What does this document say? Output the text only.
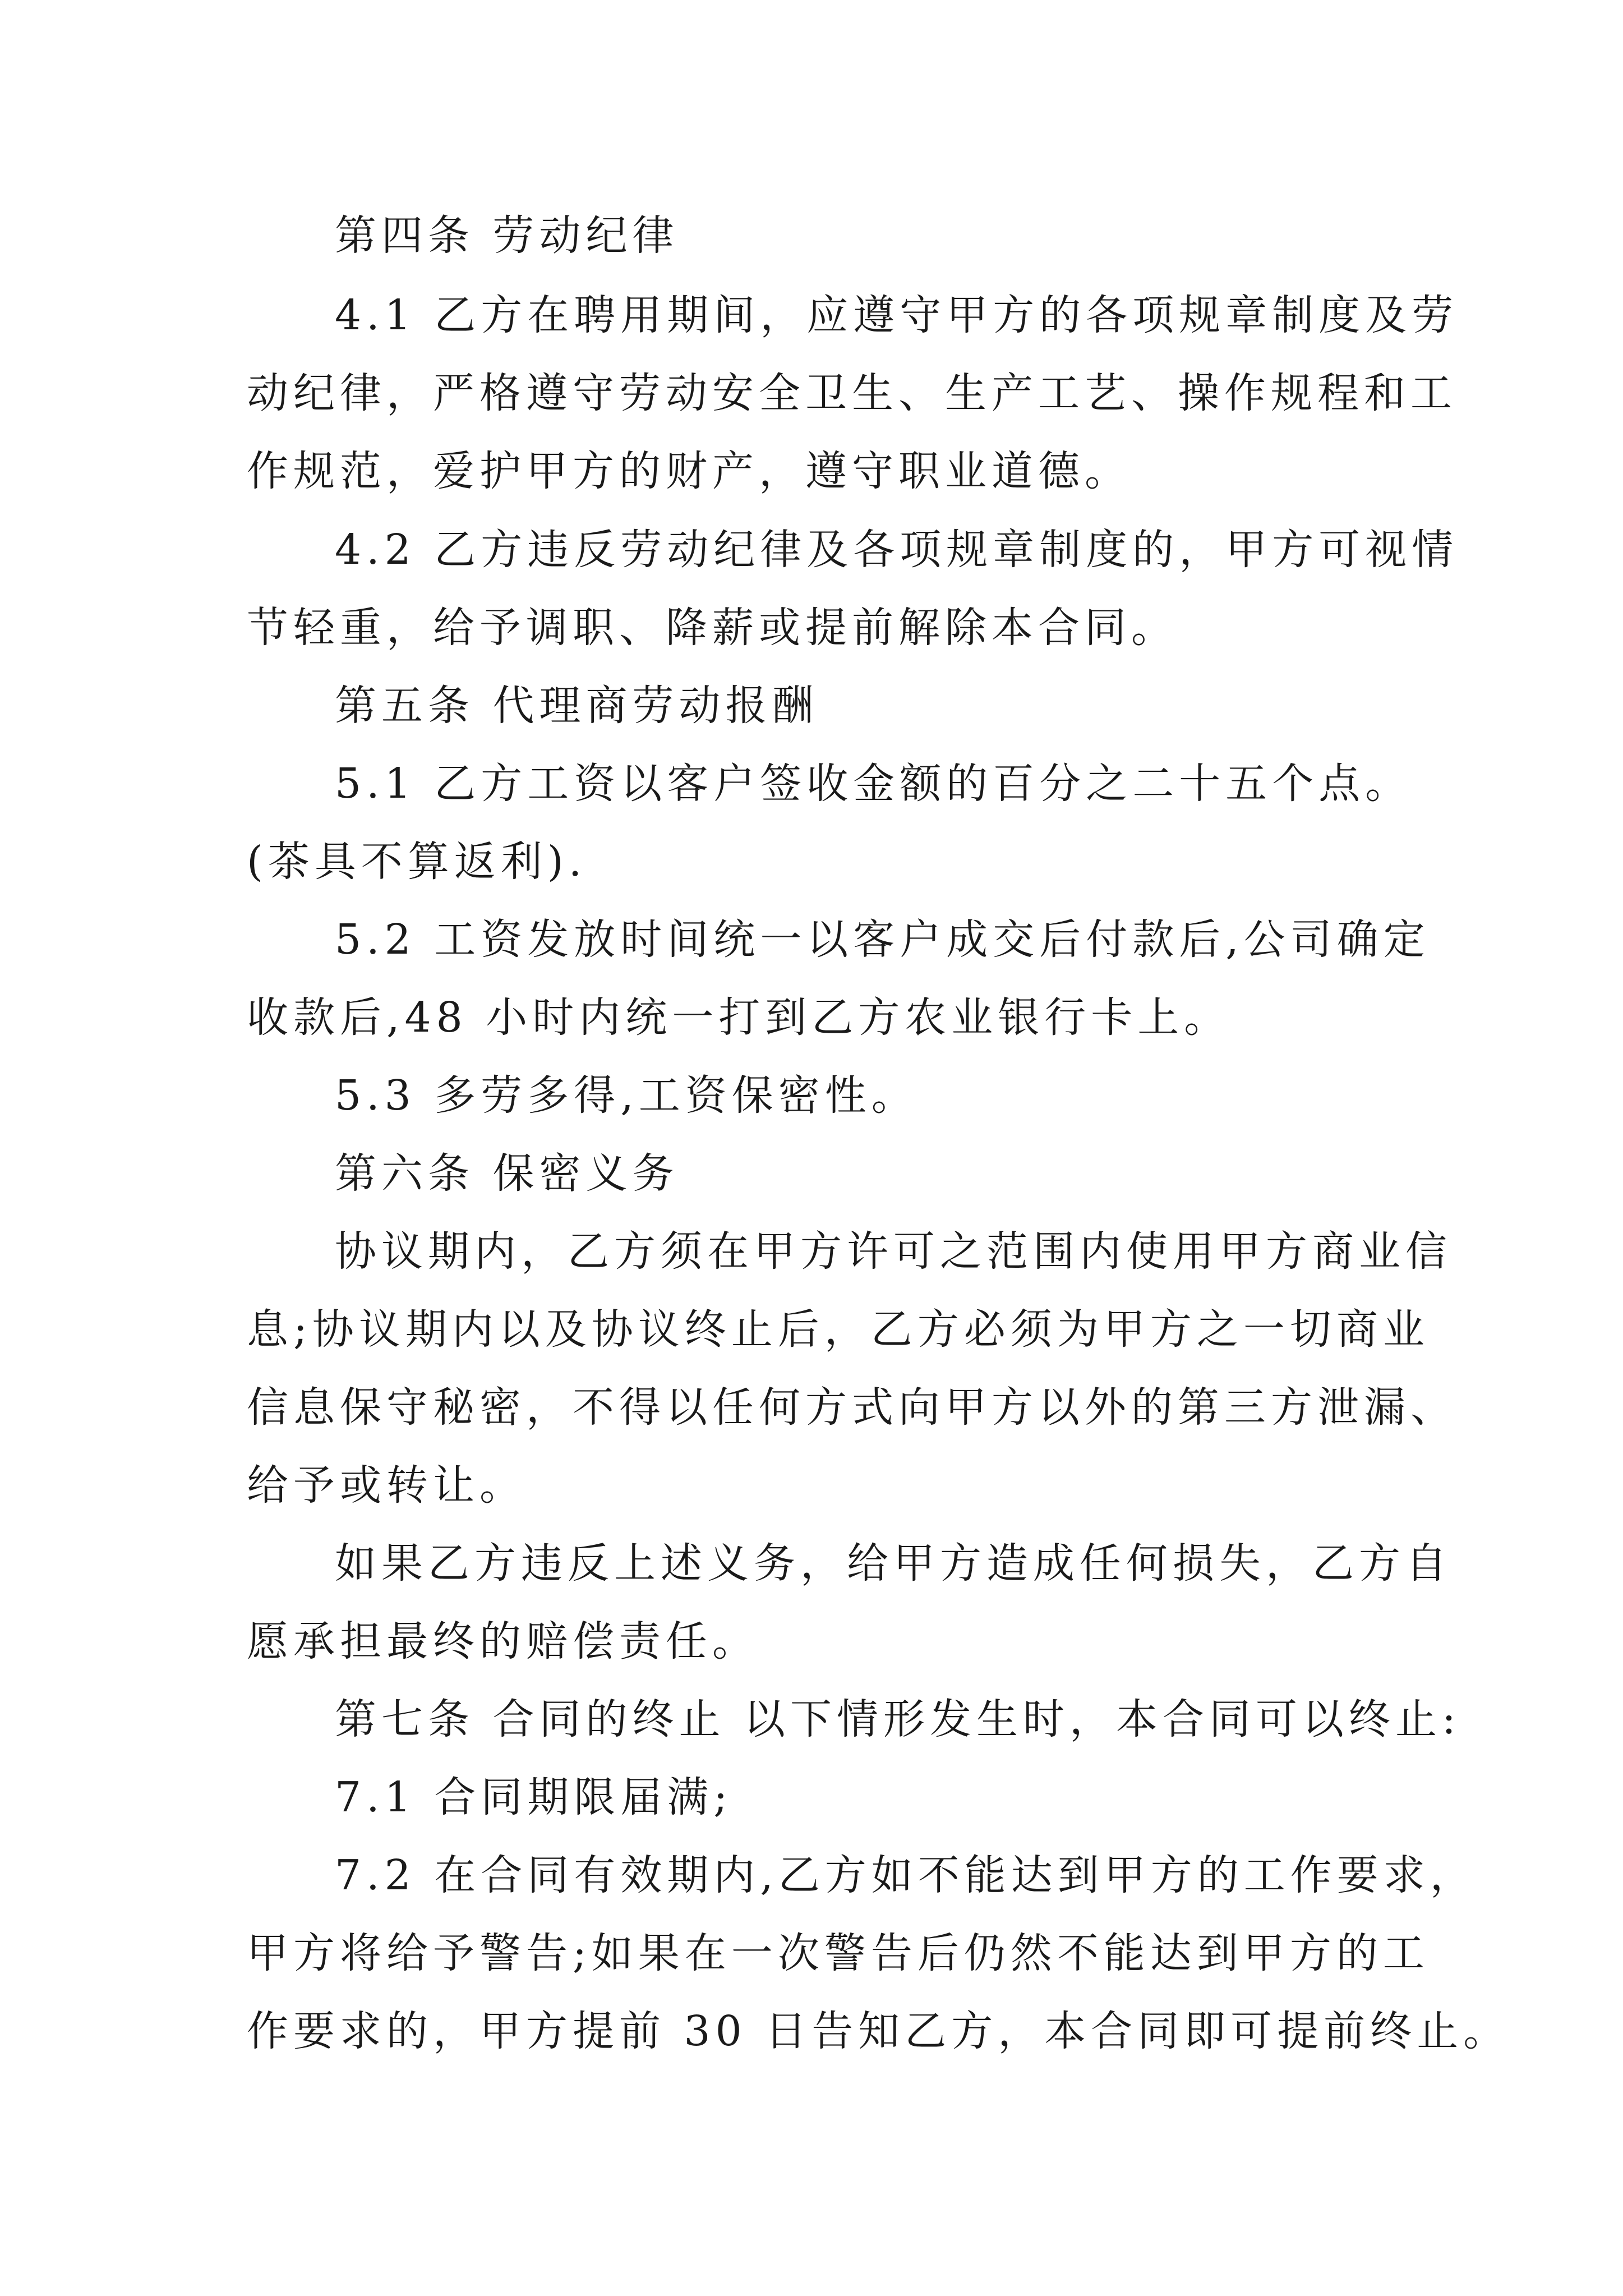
第四条 劳动纪律
4.1 乙方在聘用期间，应遵守甲方的各项规章制度及劳
动纪律，严格遵守劳动安全卫生、生产工艺、操作规程和工
作规范，爱护甲方的财产，遵守职业道德。
4.2 乙方违反劳动纪律及各项规章制度的，甲方可视情
节轻重，给予调职、降薪或提前解除本合同。
第五条 代理商劳动报酬
5.1 乙方工资以客户签收金额的百分之二十五个点。
(茶具不算返利).
5.2 工资发放时间统一以客户成交后付款后,公司确定
收款后,48 小时内统一打到乙方农业银行卡上。
5.3 多劳多得,工资保密性。
第六条 保密义务
协议期内，乙方须在甲方许可之范围内使用甲方商业信
息;协议期内以及协议终止后，乙方必须为甲方之一切商业
信息保守秘密，不得以任何方式向甲方以外的第三方泄漏、
给予或转让。
如果乙方违反上述义务，给甲方造成任何损失，乙方自
愿承担最终的赔偿责任。
第七条 合同的终止 以下情形发生时，本合同可以终止:
7.1 合同期限届满;
7.2 在合同有效期内,乙方如不能达到甲方的工作要求，
甲方将给予警告;如果在一次警告后仍然不能达到甲方的工
作要求的，甲方提前 30 日告知乙方，本合同即可提前终止。
